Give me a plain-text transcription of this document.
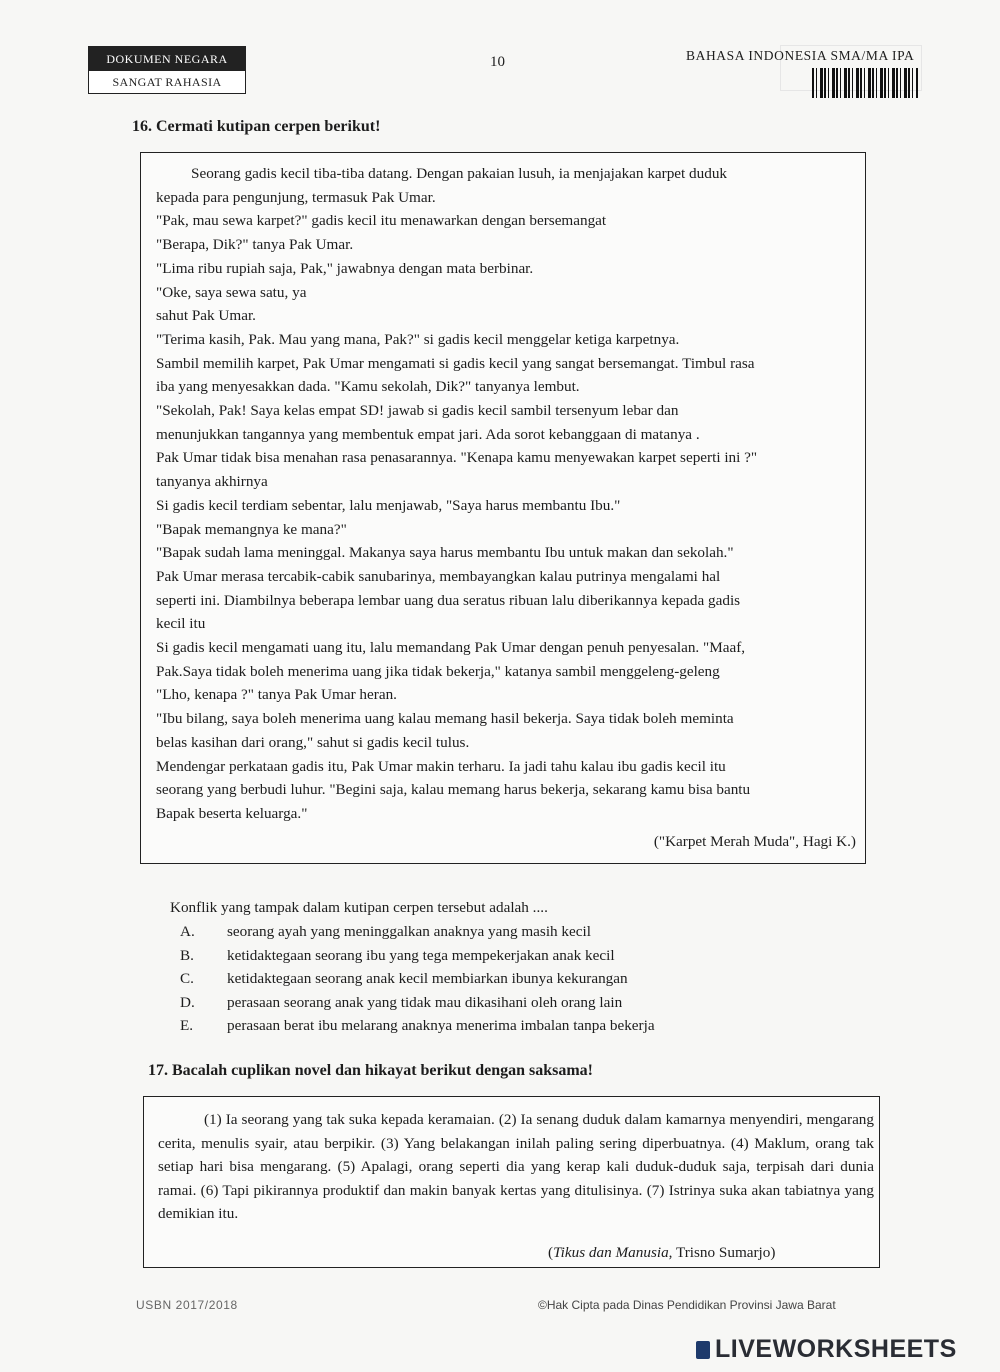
DOKUMEN NEGARA
SANGAT RAHASIA
10	BAHASA INDONESIA SMA/MA IPA
16. Cermati kutipan cerpen berikut!
Seorang gadis kecil tiba-tiba datang. Dengan pakaian lusuh, ia menjajakan karpet duduk
kepada para pengunjung, termasuk Pak Umar.
"Pak, mau sewa karpet?" gadis kecil itu menawarkan dengan bersemangat
"Berapa, Dik?" tanya Pak Umar.
"Lima ribu rupiah saja, Pak," jawabnya dengan mata berbinar.
"Oke, saya sewa satu, ya
sahut Pak Umar.
"Terima kasih, Pak. Mau yang mana, Pak?" si gadis kecil menggelar ketiga karpetnya.
Sambil memilih karpet, Pak Umar mengamati si gadis kecil yang sangat bersemangat. Timbul rasa
iba yang menyesakkan dada. "Kamu sekolah, Dik?" tanyanya lembut.
"Sekolah, Pak! Saya kelas empat SD! jawab si gadis kecil sambil tersenyum lebar dan
menunjukkan tangannya yang membentuk empat jari. Ada sorot kebanggaan di matanya .
Pak Umar tidak bisa menahan rasa penasarannya. "Kenapa kamu menyewakan karpet seperti ini ?"
tanyanya akhirnya
Si gadis kecil terdiam sebentar, lalu menjawab, "Saya harus membantu Ibu."
"Bapak memangnya ke mana?"
"Bapak sudah lama meninggal. Makanya saya harus membantu Ibu untuk makan dan sekolah."
Pak Umar merasa tercabik-cabik sanubarinya, membayangkan kalau putrinya mengalami hal
seperti ini. Diambilnya beberapa lembar uang dua seratus ribuan lalu diberikannya kepada gadis
kecil itu
Si gadis kecil mengamati uang itu, lalu memandang Pak Umar dengan penuh penyesalan. "Maaf,
Pak.Saya tidak boleh menerima uang jika tidak bekerja," katanya sambil menggeleng-geleng
"Lho, kenapa ?" tanya Pak Umar heran.
"Ibu bilang, saya boleh menerima uang kalau memang hasil bekerja. Saya tidak boleh meminta
belas kasihan dari orang," sahut si gadis kecil tulus.
Mendengar perkataan gadis itu, Pak Umar makin terharu. Ia jadi tahu kalau ibu gadis kecil itu
seorang yang berbudi luhur. "Begini saja, kalau memang harus bekerja, sekarang kamu bisa bantu
Bapak beserta keluarga."
("Karpet Merah Muda", Hagi K.)
Konflik yang tampak dalam kutipan cerpen tersebut adalah ....
A. seorang ayah yang meninggalkan anaknya yang masih kecil
B. ketidaktegaan seorang ibu yang tega mempekerjakan anak kecil
C. ketidaktegaan seorang anak kecil membiarkan ibunya kekurangan
D. perasaan seorang anak yang tidak mau dikasihani oleh orang lain
E. perasaan berat ibu melarang anaknya menerima imbalan tanpa bekerja
17. Bacalah cuplikan novel dan hikayat berikut dengan saksama!
(1) Ia seorang yang tak suka kepada keramaian. (2) Ia senang duduk dalam kamarnya menyendiri, mengarang cerita, menulis syair, atau berpikir. (3) Yang belakangan inilah paling sering diperbuatnya. (4) Maklum, orang tak setiap hari bisa mengarang. (5) Apalagi, orang seperti dia yang kerap kali duduk-duduk saja, terpisah dari dunia ramai. (6) Tapi pikirannya produktif dan makin banyak kertas yang ditulisinya. (7) Istrinya suka akan tabiatnya yang demikian itu.
(Tikus dan Manusia, Trisno Sumarjo)
USBN 2017/2018	©Hak Cipta pada Dinas Pendidikan Provinsi Jawa Barat
LIVEWORKSHEETS
